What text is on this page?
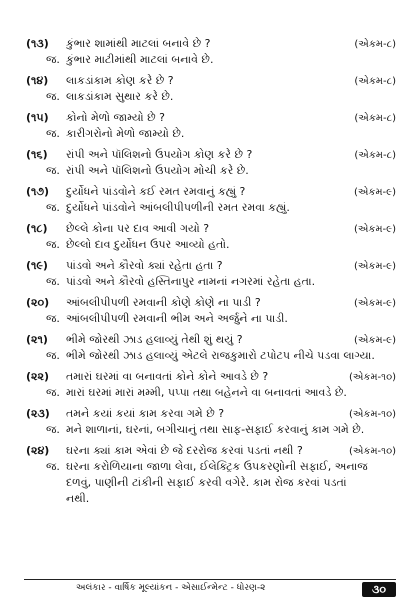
(૧૩)	કુંભાર શામાંથી માટલાં બનાવે છે ?	(એકમ-૮)
જ. કુંભાર માટીમાંથી માટલાં બનાવે છે.
(૧૪)	લાકડાંકામ કોણ કરે છે ?	(એકમ-૮)
જ. લાકડાંકામ સુથાર કરે છે.
(૧૫)	કોનો મેળો જામ્યો છે ?	(એકમ-૮)
જ. કારીગરોનો મેળો જામ્યો છે.
(૧૬)	રાંપી અને પૉલિશનો ઉપયોગ કોણ કરે છે ?	(એકમ-૮)
જ. રાંપી અને પૉલિશનો ઉપયોગ મોચી કરે છે.
(૧૭)	દુર્યોધને પાંડવોને કઈ રમત રમવાનું કહ્યું ?	(એકમ-૯)
જ. દુર્યોધને પાંડવોને આંબલીપીપળીની રમત રમવા કહ્યું.
(૧૮)	છેલ્લે કોના પર દાવ આવી ગયો ?	(એકમ-૯)
જ. છેલ્લો દાવ દુર્યોધન ઉપર આવ્યો હતો.
(૧૯)	પાંડવો અને કૌરવો ક્યાં રહેતા હતા ?	(એકમ-૯)
જ. પાંડવો અને કૌરવો હસ્તિનાપુર નામનાં નગરમાં રહેતા હતા.
(૨૦)	આંબલીપીપળી રમવાની કોણે કોણે ના પાડી ?	(એકમ-૯)
જ. આંબલીપીપળી રમવાની ભીમ અને અર્જુને ના પાડી.
(૨૧)	ભીમે જોરથી ઝાડ હલાવ્યું તેથી શું થયું ?	(એકમ-૯)
જ. ભીમે જોરથી ઝાડ હલાવ્યું એટલે રાજકુમારો ટપોટપ નીચે પડવા લાગ્યા.
(૨૨)	તમારાં ઘરમાં વા બનાવતાં કોને કોને આવડે છે ?	(એકમ-૧૦)
જ. મારાં ઘરમાં મારાં મમ્મી, પપ્પા તથા બહેનને વા બનાવતાં આવડે છે.
(૨૩)	તમને કયાં કયાં કામ કરવા ગમે છે ?	(એકમ-૧૦)
જ. મને શાળાનાં, ઘરનાં, બગીચાનું તથા સાફ-સફાઈ કરવાનું કામ ગમે છે.
(૨૪)	ઘરના ક્યાં કામ એવાં છે જે દરરોજ કરવાં પડતાં નથી ?	(એકમ-૧૦)
જ. ઘરના કરોળિયાના જાળા લેવા, ઈલેક્ટ્રિક ઉપકરણોની સફાઈ, અનાજ
દળવું, પાણીની ટાંકીની સફાઈ કરવી વગેરે. કામ રોજ કરવાં પડતાં
નથી.
અલંકાર - વાર્ષિક મૂલ્યાંકન - એસાઈન્મેન્ટ - ધોરણ-૨	૩૦
